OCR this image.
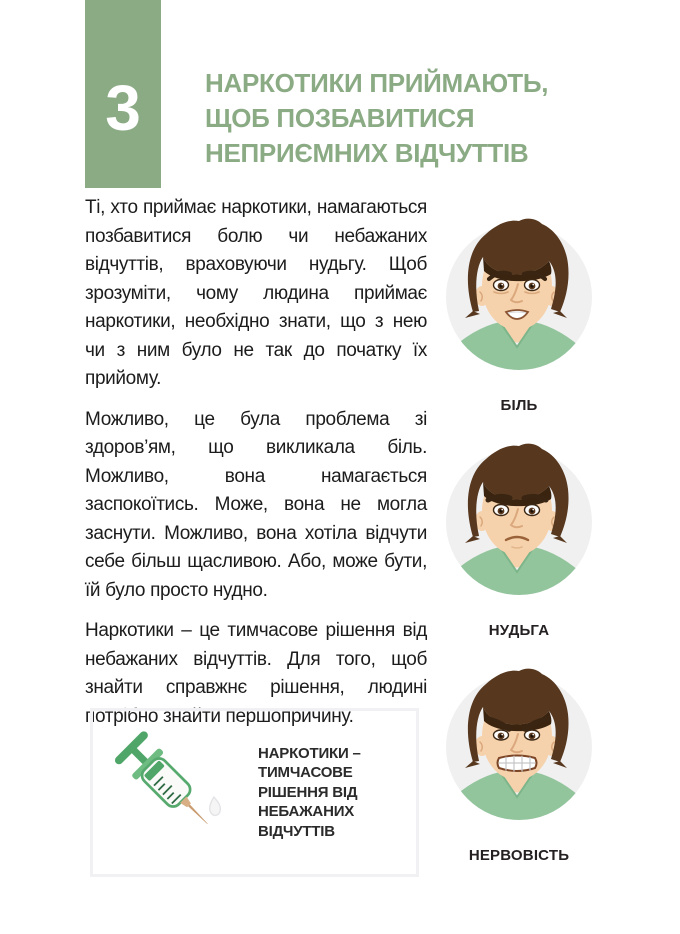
3 НАРКОТИКИ ПРИЙМАЮТЬ,
ЩОБ ПОЗБАВИТИСЯ
НЕПРИЄМНИХ ВІДЧУТТІВ

Ті, хто приймає наркотики, намагаються позбавитися болю чи небажаних відчуттів, враховуючи нудьгу. Щоб зрозуміти, чому людина приймає наркотики, необхідно знати, що з нею чи з ним було не так до початку їх прийому.

Можливо, це була проблема зі здоров’ям, що викликала біль. Можливо, вона намагається заспокоїтись. Може, вона не могла заснути. Можливо, вона хотіла відчути себе більш щасливою. Або, може бути, їй було просто нудно.

Наркотики – це тимчасове рішення від небажаних відчуттів. Для того, щоб знайти справжнє рішення, людині потрібно знайти першопричину.

НАРКОТИКИ –
ТИМЧАСОВЕ
РІШЕННЯ ВІД
НЕБАЖАНИХ
ВІДЧУТТІВ
БІЛЬ
НУДЬГА
НЕРВОВІСТЬ
